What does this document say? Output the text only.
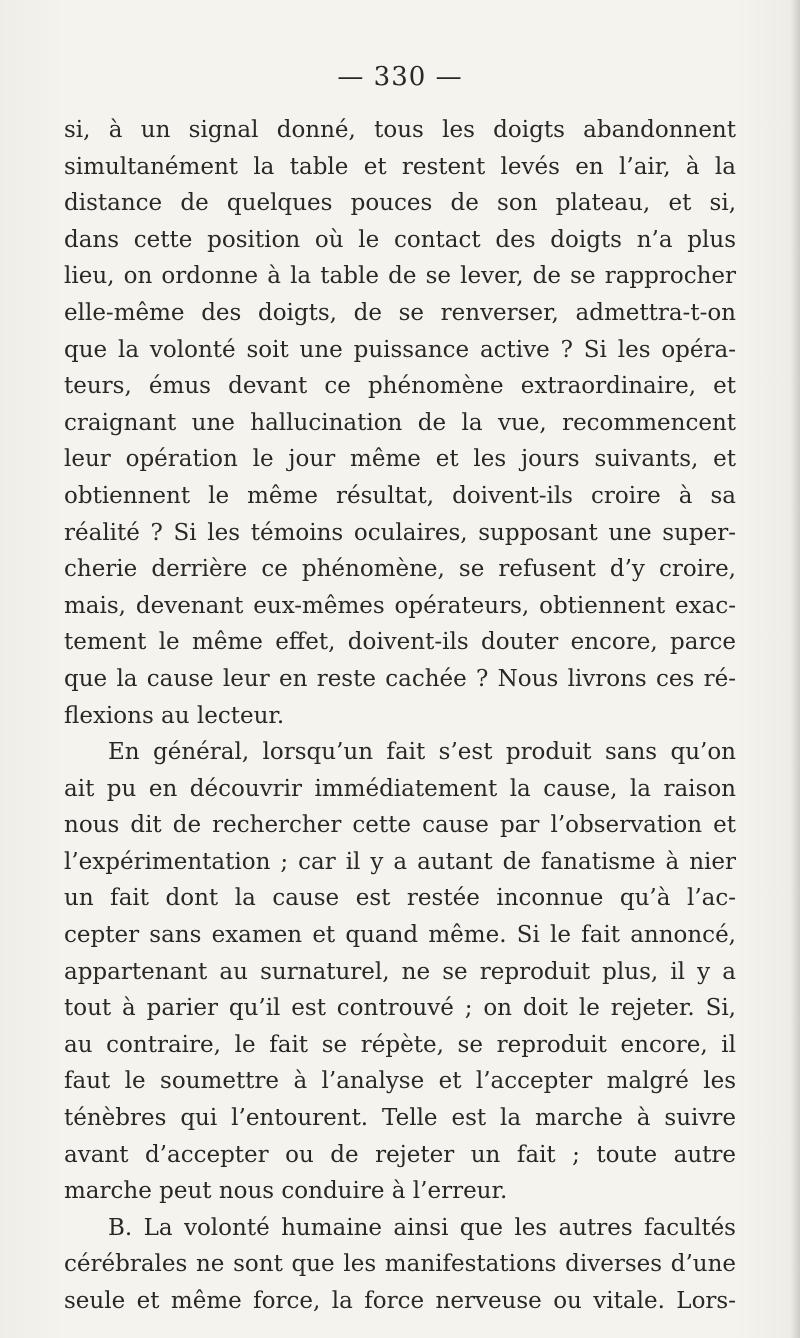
— 330 —
si, à un signal donné, tous les doigts abandonnent
simultanément la table et restent levés en l’air, à la
distance de quelques pouces de son plateau, et si,
dans cette position où le contact des doigts n’a plus
lieu, on ordonne à la table de se lever, de se rapprocher
elle-même des doigts, de se renverser, admettra-t-on
que la volonté soit une puissance active ? Si les opéra-
teurs, émus devant ce phénomène extraordinaire, et
craignant une hallucination de la vue, recommencent
leur opération le jour même et les jours suivants, et
obtiennent le même résultat, doivent-ils croire à sa
réalité ? Si les témoins oculaires, supposant une super-
cherie derrière ce phénomène, se refusent d’y croire,
mais, devenant eux-mêmes opérateurs, obtiennent exac-
tement le même effet, doivent-ils douter encore, parce
que la cause leur en reste cachée ? Nous livrons ces ré-
flexions au lecteur.
En général, lorsqu’un fait s’est produit sans qu’on
ait pu en découvrir immédiatement la cause, la raison
nous dit de rechercher cette cause par l’observation et
l’expérimentation ; car il y a autant de fanatisme à nier
un fait dont la cause est restée inconnue qu’à l’ac-
cepter sans examen et quand même. Si le fait annoncé,
appartenant au surnaturel, ne se reproduit plus, il y a
tout à parier qu’il est controuvé ; on doit le rejeter. Si,
au contraire, le fait se répète, se reproduit encore, il
faut le soumettre à l’analyse et l’accepter malgré les
ténèbres qui l’entourent. Telle est la marche à suivre
avant d’accepter ou de rejeter un fait ; toute autre
marche peut nous conduire à l’erreur.
B. La volonté humaine ainsi que les autres facultés
cérébrales ne sont que les manifestations diverses d’une
seule et même force, la force nerveuse ou vitale. Lors-
